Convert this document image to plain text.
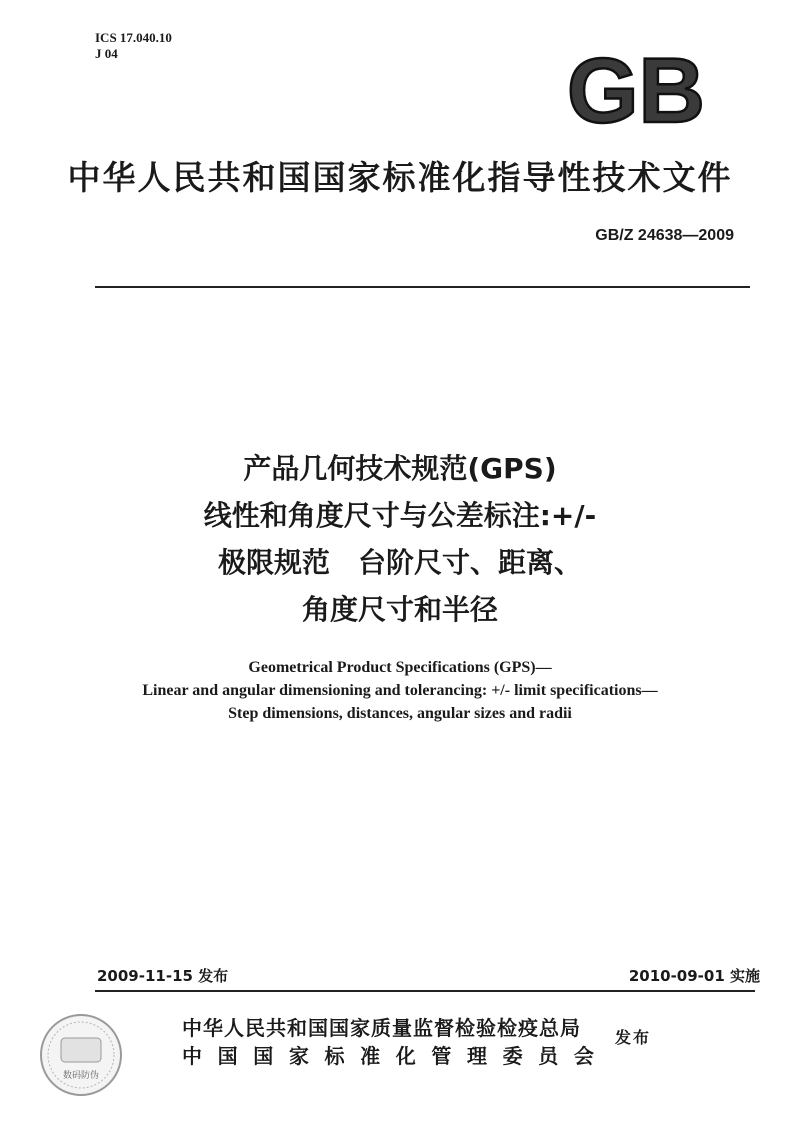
ICS 17.040.10
J 04	GB
中华人民共和国国家标准化指导性技术文件
GB/Z 24638—2009
产品几何技术规范(GPS)
线性和角度尺寸与公差标注:+/-
极限规范　台阶尺寸、距离、
角度尺寸和半径
Geometrical Product Specifications (GPS)—
Linear and angular dimensioning and tolerancing: +/- limit specifications—
Step dimensions, distances, angular sizes and radii
2009-11-15 发布	2010-09-01 实施
数码防伪
中华人民共和国国家质量监督检验检疫总局
中 国 国 家 标 准 化 管 理 委 员 会
发布
